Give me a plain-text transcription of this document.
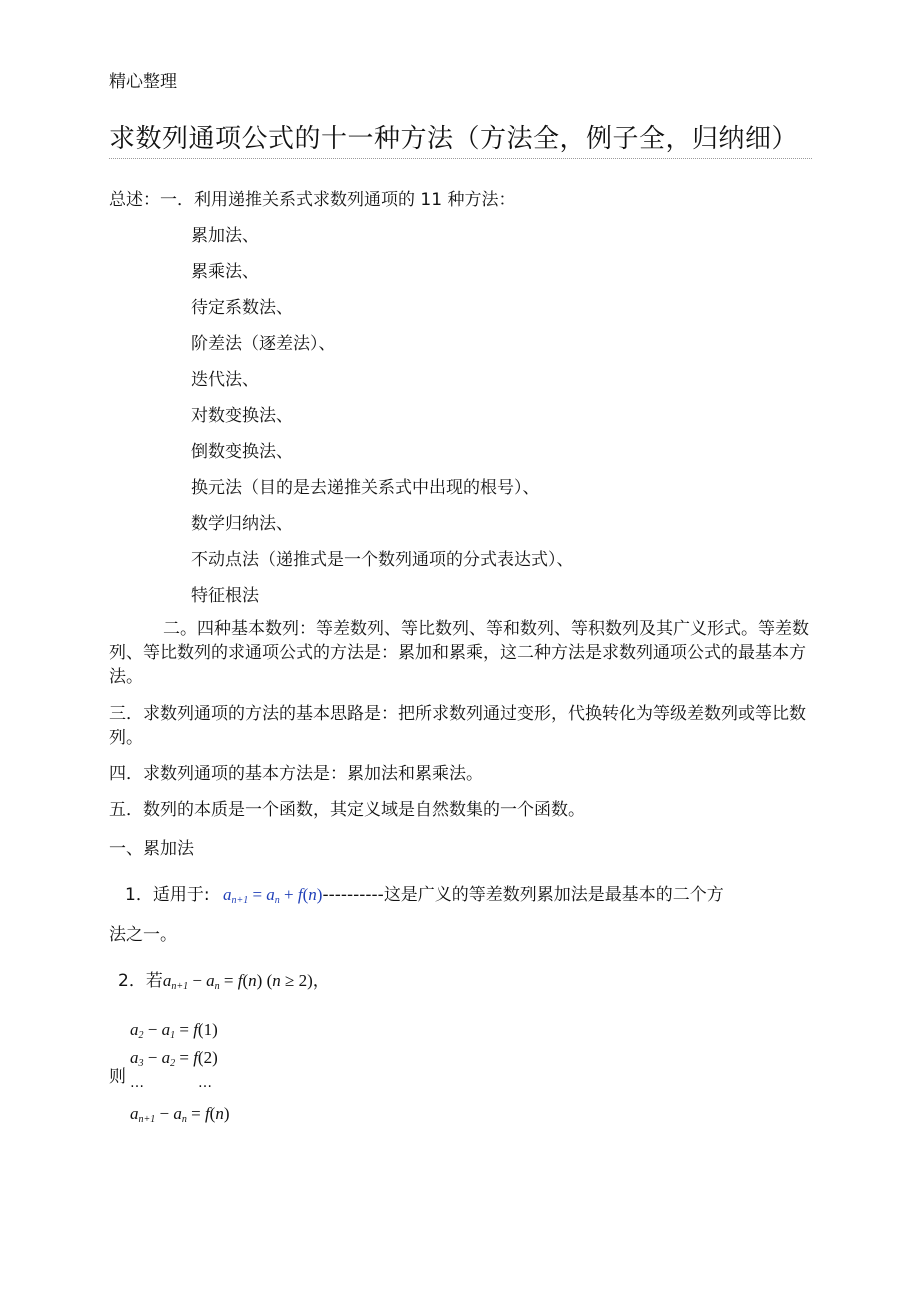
精心整理
求数列通项公式的十一种方法（方法全，例子全，归纳细）
总述：一．利用递推关系式求数列通项的 11 种方法：
累加法、
累乘法、
待定系数法、
阶差法（逐差法）、
迭代法、
对数变换法、
倒数变换法、
换元法（目的是去递推关系式中出现的根号）、
数学归纳法、
不动点法（递推式是一个数列通项的分式表达式）、
特征根法
二。四种基本数列：等差数列、等比数列、等和数列、等积数列及其广义形式。等差数列、等比数列的求通项公式的方法是：累加和累乘，这二种方法是求数列通项公式的最基本方法。
三．求数列通项的方法的基本思路是：把所求数列通过变形，代换转化为等级差数列或等比数列。
四．求数列通项的基本方法是：累加法和累乘法。
五．数列的本质是一个函数，其定义域是自然数集的一个函数。
一、累加法
1．适用于: $a_{n+1} = a_n + f(n)----------$这是广义的等差数列累加法是最基本的二个方
法之一。
2．若$a_{n+1} - a_n = f(n) (n \ge 2)$，
则
$a_2 - a_1 = f(1)$
$a_3 - a_2 = f(2)$
…	…
$a_{n+1} - a_n = f(n)$
